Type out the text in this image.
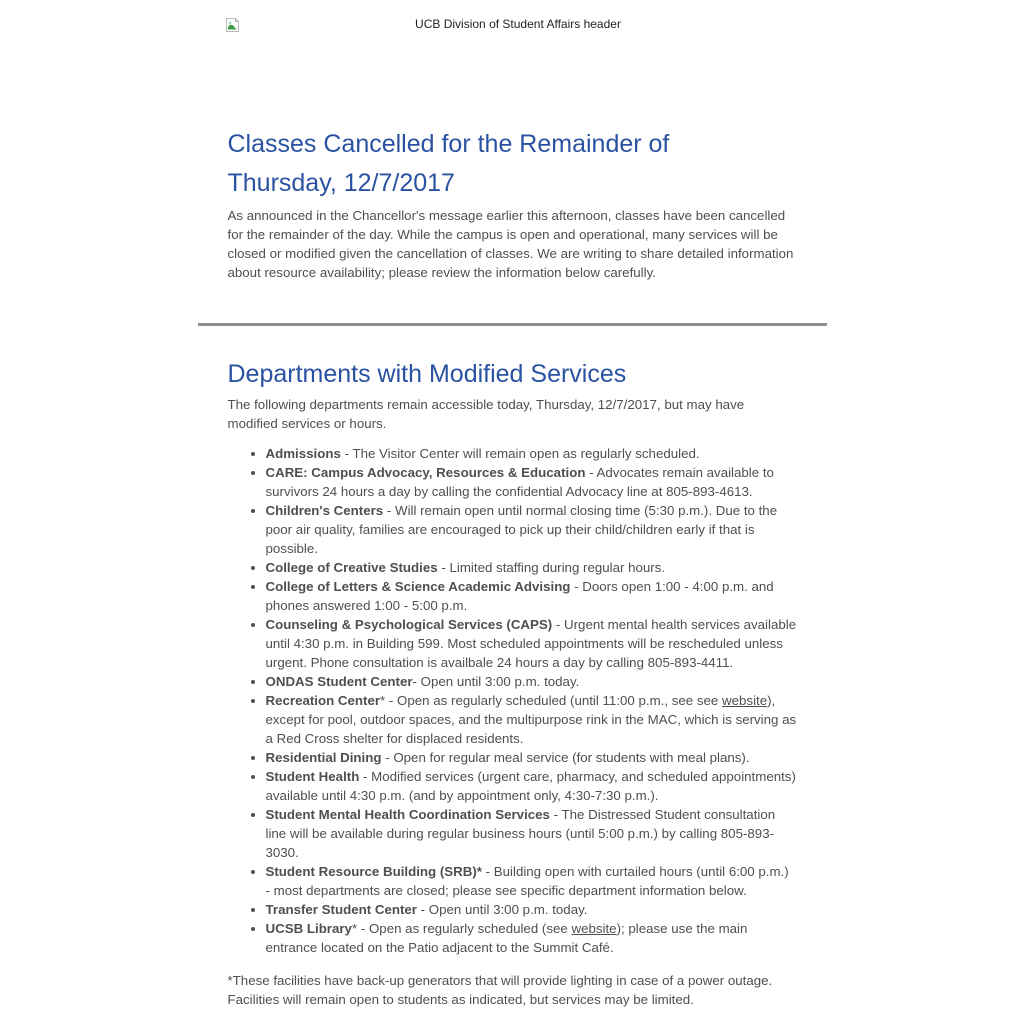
UCB Division of Student Affairs header
Classes Cancelled for the Remainder of Thursday, 12/7/2017

As announced in the Chancellor's message earlier this afternoon, classes have been cancelled for the remainder of the day. While the campus is open and operational, many services will be closed or modified given the cancellation of classes. We are writing to share detailed information about resource availability; please review the information below carefully.

Departments with Modified Services

The following departments remain accessible today, Thursday, 12/7/2017, but may have modified services or hours.

• Admissions - The Visitor Center will remain open as regularly scheduled.
• CARE: Campus Advocacy, Resources & Education - Advocates remain available to survivors 24 hours a day by calling the confidential Advocacy line at 805-893-4613.
• Children's Centers - Will remain open until normal closing time (5:30 p.m.). Due to the poor air quality, families are encouraged to pick up their child/children early if that is possible.
• College of Creative Studies - Limited staffing during regular hours.
• College of Letters & Science Academic Advising - Doors open 1:00 - 4:00 p.m. and phones answered 1:00 - 5:00 p.m.
• Counseling & Psychological Services (CAPS) - Urgent mental health services available until 4:30 p.m. in Building 599. Most scheduled appointments will be rescheduled unless urgent. Phone consultation is availbale 24 hours a day by calling 805-893-4411.
• ONDAS Student Center- Open until 3:00 p.m. today.
• Recreation Center* - Open as regularly scheduled (until 11:00 p.m., see see website), except for pool, outdoor spaces, and the multipurpose rink in the MAC, which is serving as a Red Cross shelter for displaced residents.
• Residential Dining - Open for regular meal service (for students with meal plans).
• Student Health - Modified services (urgent care, pharmacy, and scheduled appointments) available until 4:30 p.m. (and by appointment only, 4:30-7:30 p.m.).
• Student Mental Health Coordination Services - The Distressed Student consultation line will be available during regular business hours (until 5:00 p.m.) by calling 805-893-3030.
• Student Resource Building (SRB)* - Building open with curtailed hours (until 6:00 p.m.) - most departments are closed; please see specific department information below.
• Transfer Student Center - Open until 3:00 p.m. today.
• UCSB Library* - Open as regularly scheduled (see website); please use the main entrance located on the Patio adjacent to the Summit Café.

*These facilities have back-up generators that will provide lighting in case of a power outage. Facilities will remain open to students as indicated, but services may be limited.
